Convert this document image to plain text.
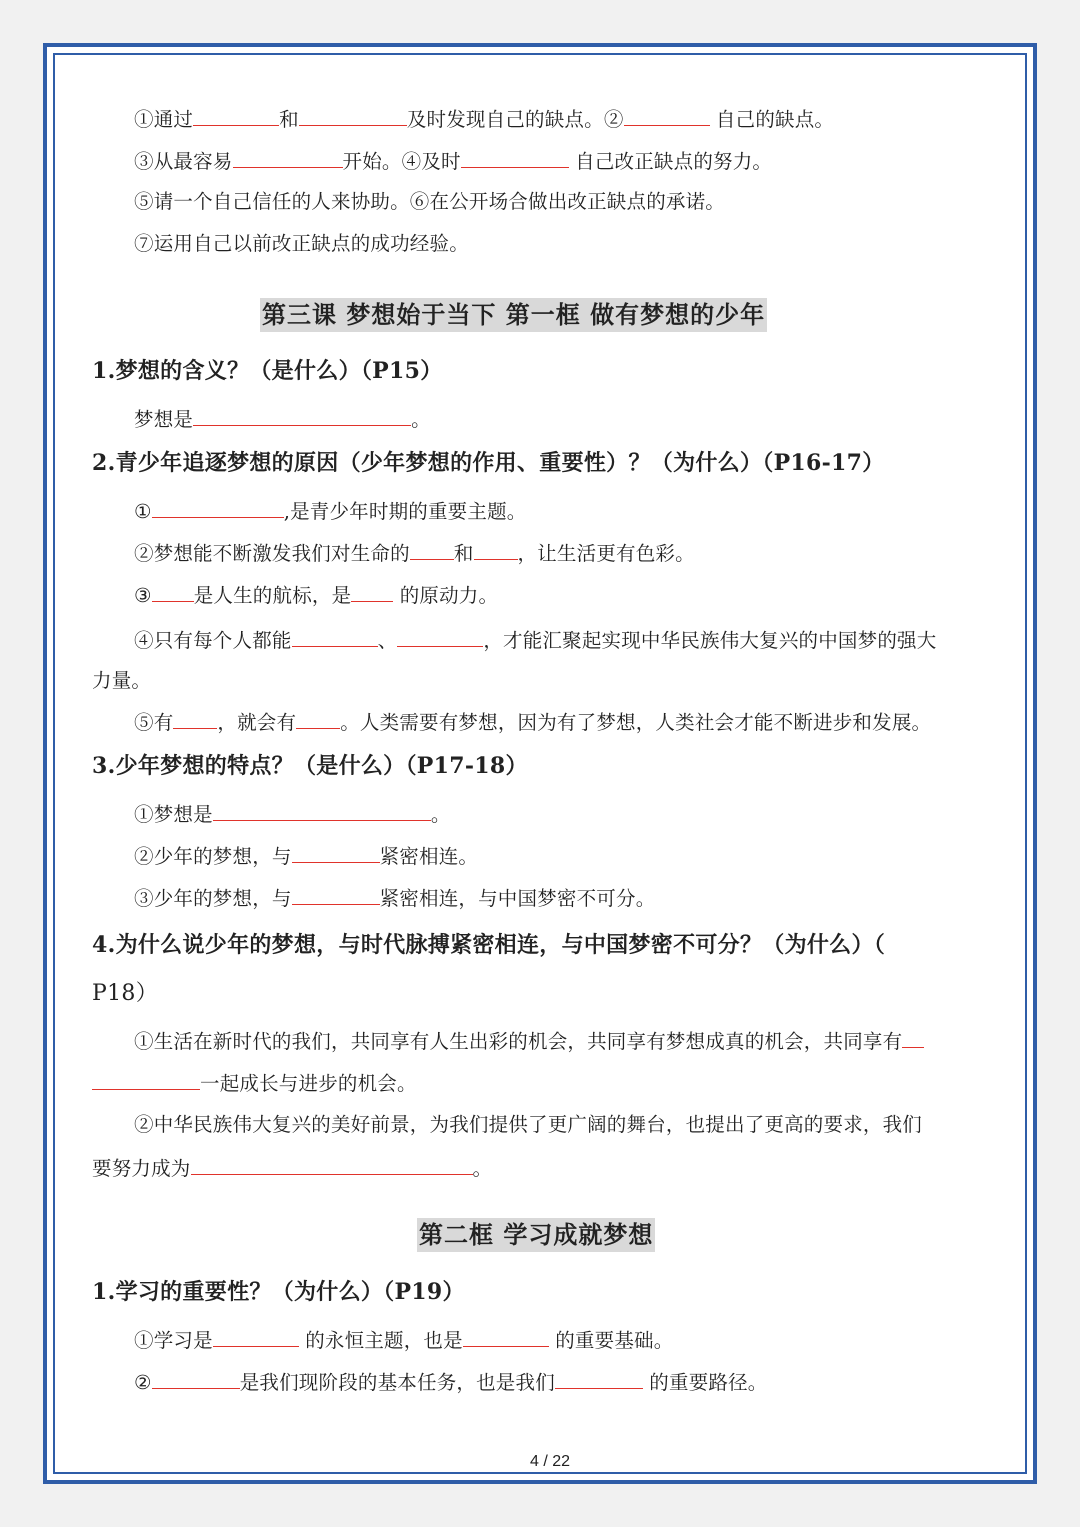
①通过	和	及时发现自己的缺点。②	自己的缺点。
③从最容易	开始。④及时	自己改正缺点的努力。
⑤请一个自己信任的人来协助。⑥在公开场合做出改正缺点的承诺。
⑦运用自己以前改正缺点的成功经验。
第三课 梦想始于当下 第一框 做有梦想的少年
1.梦想的含义？（是什么）（P15）
梦想是	。
2.青少年追逐梦想的原因（少年梦想的作用、重要性）？（为什么）（P16-17）
①	,是青少年时期的重要主题。
②梦想能不断激发我们对生命的 和 ，让生活更有色彩。
③ 是人生的航标，是 的原动力。
④只有每个人都能	、	，才能汇聚起实现中华民族伟大复兴的中国梦的强大
力量。
⑤有 ，就会有 。人类需要有梦想，因为有了梦想，人类社会才能不断进步和发展。
3.少年梦想的特点？（是什么）（P17-18）
①梦想是	。
②少年的梦想，与	紧密相连。
③少年的梦想，与	紧密相连，与中国梦密不可分。
4.为什么说少年的梦想，与时代脉搏紧密相连，与中国梦密不可分？（为什么）（
P18）
①生活在新时代的我们，共同享有人生出彩的机会，共同享有梦想成真的机会，共同享有
一起成长与进步的机会。
②中华民族伟大复兴的美好前景，为我们提供了更广阔的舞台，也提出了更高的要求，我们
要努力成为	。
第二框 学习成就梦想
1.学习的重要性？（为什么）（P19）
①学习是	的永恒主题，也是	的重要基础。
②	是我们现阶段的基本任务，也是我们	的重要路径。
4 / 22
